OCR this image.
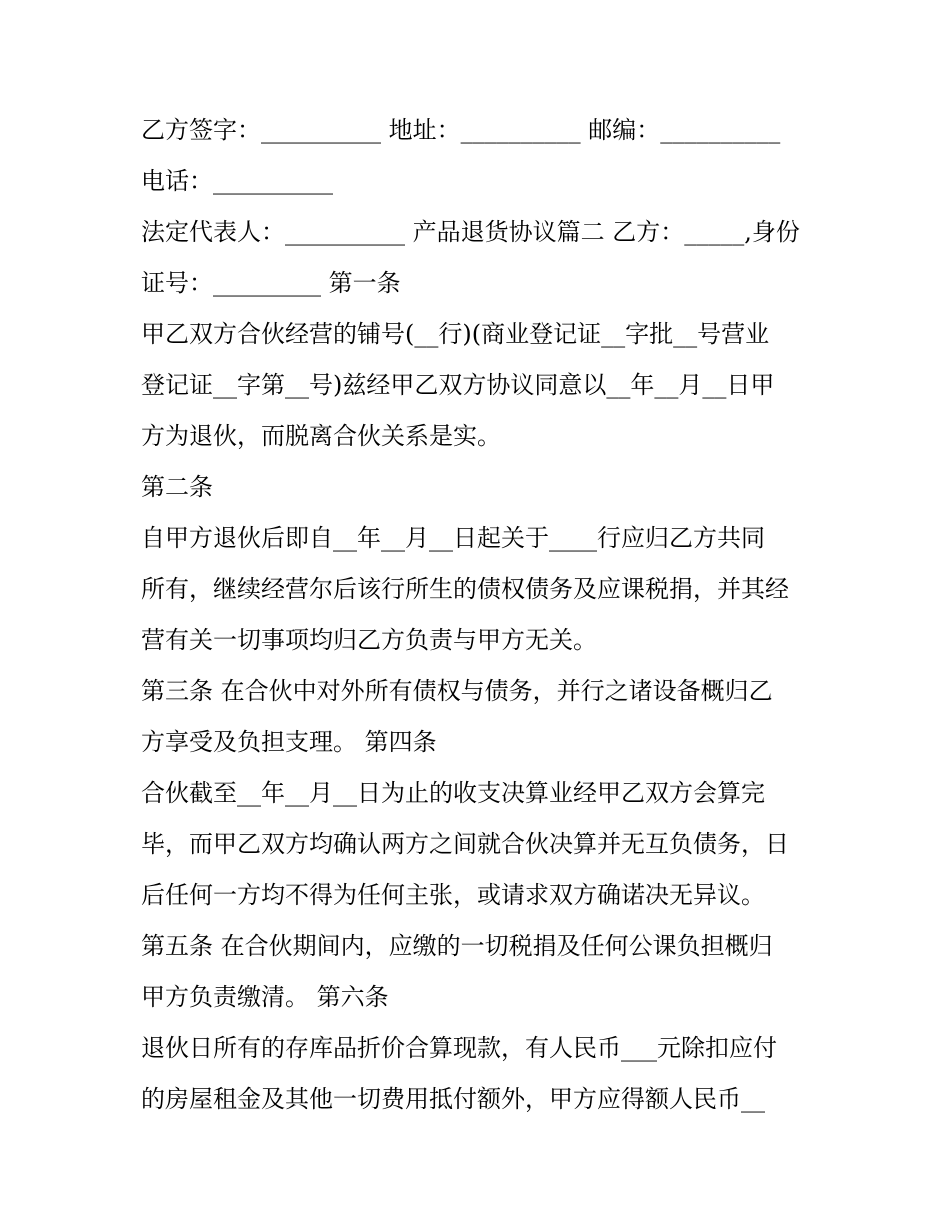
乙方签字：__________ 地址：__________ 邮编：__________
电话：__________
法定代表人：__________ 产品退货协议篇二 乙方：_____,身份
证号：_________ 第一条
甲乙双方合伙经营的铺号(__行)(商业登记证__字批__号营业
登记证__字第__号)兹经甲乙双方协议同意以__年__月__日甲
方为退伙，而脱离合伙关系是实。
第二条
自甲方退伙后即自__年__月__日起关于____行应归乙方共同
所有，继续经营尔后该行所生的债权债务及应课税捐，并其经
营有关一切事项均归乙方负责与甲方无关。
第三条 在合伙中对外所有债权与债务，并行之诸设备概归乙
方享受及负担支理。 第四条
合伙截至__年__月__日为止的收支决算业经甲乙双方会算完
毕，而甲乙双方均确认两方之间就合伙决算并无互负债务，日
后任何一方均不得为任何主张，或请求双方确诺决无异议。
第五条 在合伙期间内，应缴的一切税捐及任何公课负担概归
甲方负责缴清。 第六条
退伙日所有的存库品折价合算现款，有人民币___元除扣应付
的房屋租金及其他一切费用抵付额外，甲方应得额人民币__
